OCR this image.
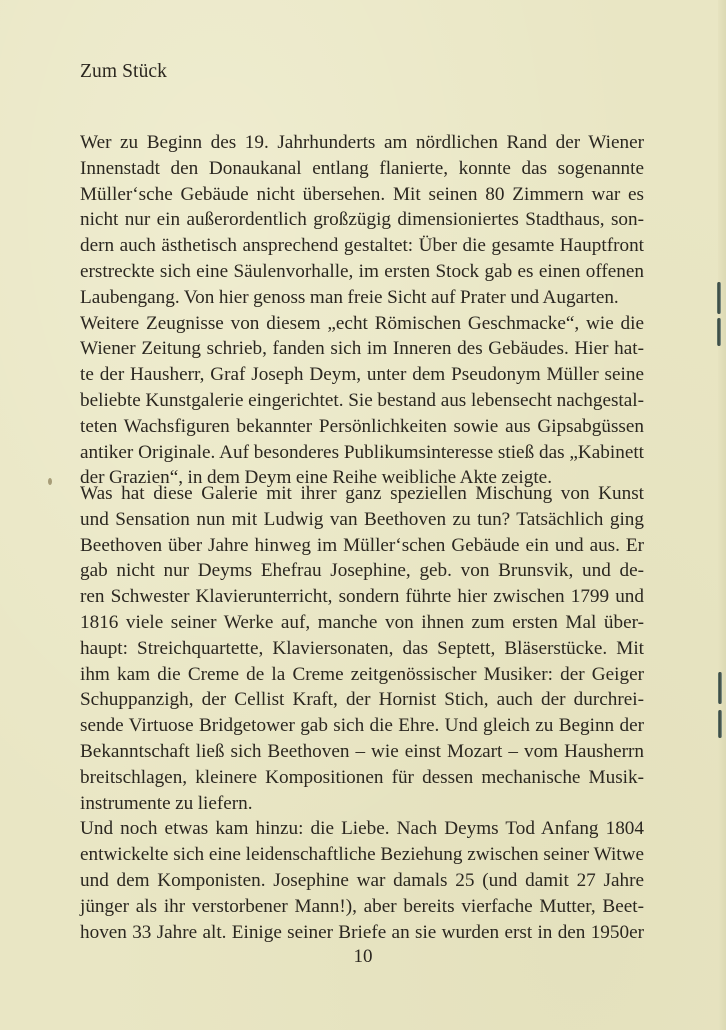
Zum Stück
Wer zu Beginn des 19. Jahrhunderts am nördlichen Rand der Wiener
Innenstadt den Donaukanal entlang flanierte, konnte das sogenannte
Müller‘sche Gebäude nicht übersehen. Mit seinen 80 Zimmern war es
nicht nur ein außerordentlich großzügig dimensioniertes Stadthaus, son-
dern auch ästhetisch ansprechend gestaltet: Über die gesamte Hauptfront
erstreckte sich eine Säulenvorhalle, im ersten Stock gab es einen offenen
Laubengang. Von hier genoss man freie Sicht auf Prater und Augarten.
Weitere Zeugnisse von diesem „echt Römischen Geschmacke“, wie die
Wiener Zeitung schrieb, fanden sich im Inneren des Gebäudes. Hier hat-
te der Hausherr, Graf Joseph Deym, unter dem Pseudonym Müller seine
beliebte Kunstgalerie eingerichtet. Sie bestand aus lebensecht nachgestal-
teten Wachsfiguren bekannter Persönlichkeiten sowie aus Gipsabgüssen
antiker Originale. Auf besonderes Publikumsinteresse stieß das „Kabinett
der Grazien“, in dem Deym eine Reihe weibliche Akte zeigte.
Was hat diese Galerie mit ihrer ganz speziellen Mischung von Kunst
und Sensation nun mit Ludwig van Beethoven zu tun? Tatsächlich ging
Beethoven über Jahre hinweg im Müller‘schen Gebäude ein und aus. Er
gab nicht nur Deyms Ehefrau Josephine, geb. von Brunsvik, und de-
ren Schwester Klavierunterricht, sondern führte hier zwischen 1799 und
1816 viele seiner Werke auf, manche von ihnen zum ersten Mal über-
haupt: Streichquartette, Klaviersonaten, das Septett, Bläserstücke. Mit
ihm kam die Creme de la Creme zeitgenössischer Musiker: der Geiger
Schuppanzigh, der Cellist Kraft, der Hornist Stich, auch der durchrei-
sende Virtuose Bridgetower gab sich die Ehre. Und gleich zu Beginn der
Bekanntschaft ließ sich Beethoven – wie einst Mozart – vom Hausherrn
breitschlagen, kleinere Kompositionen für dessen mechanische Musik-
instrumente zu liefern.
Und noch etwas kam hinzu: die Liebe. Nach Deyms Tod Anfang 1804
entwickelte sich eine leidenschaftliche Beziehung zwischen seiner Witwe
und dem Komponisten. Josephine war damals 25 (und damit 27 Jahre
jünger als ihr verstorbener Mann!), aber bereits vierfache Mutter, Beet-
hoven 33 Jahre alt. Einige seiner Briefe an sie wurden erst in den 1950er
10
